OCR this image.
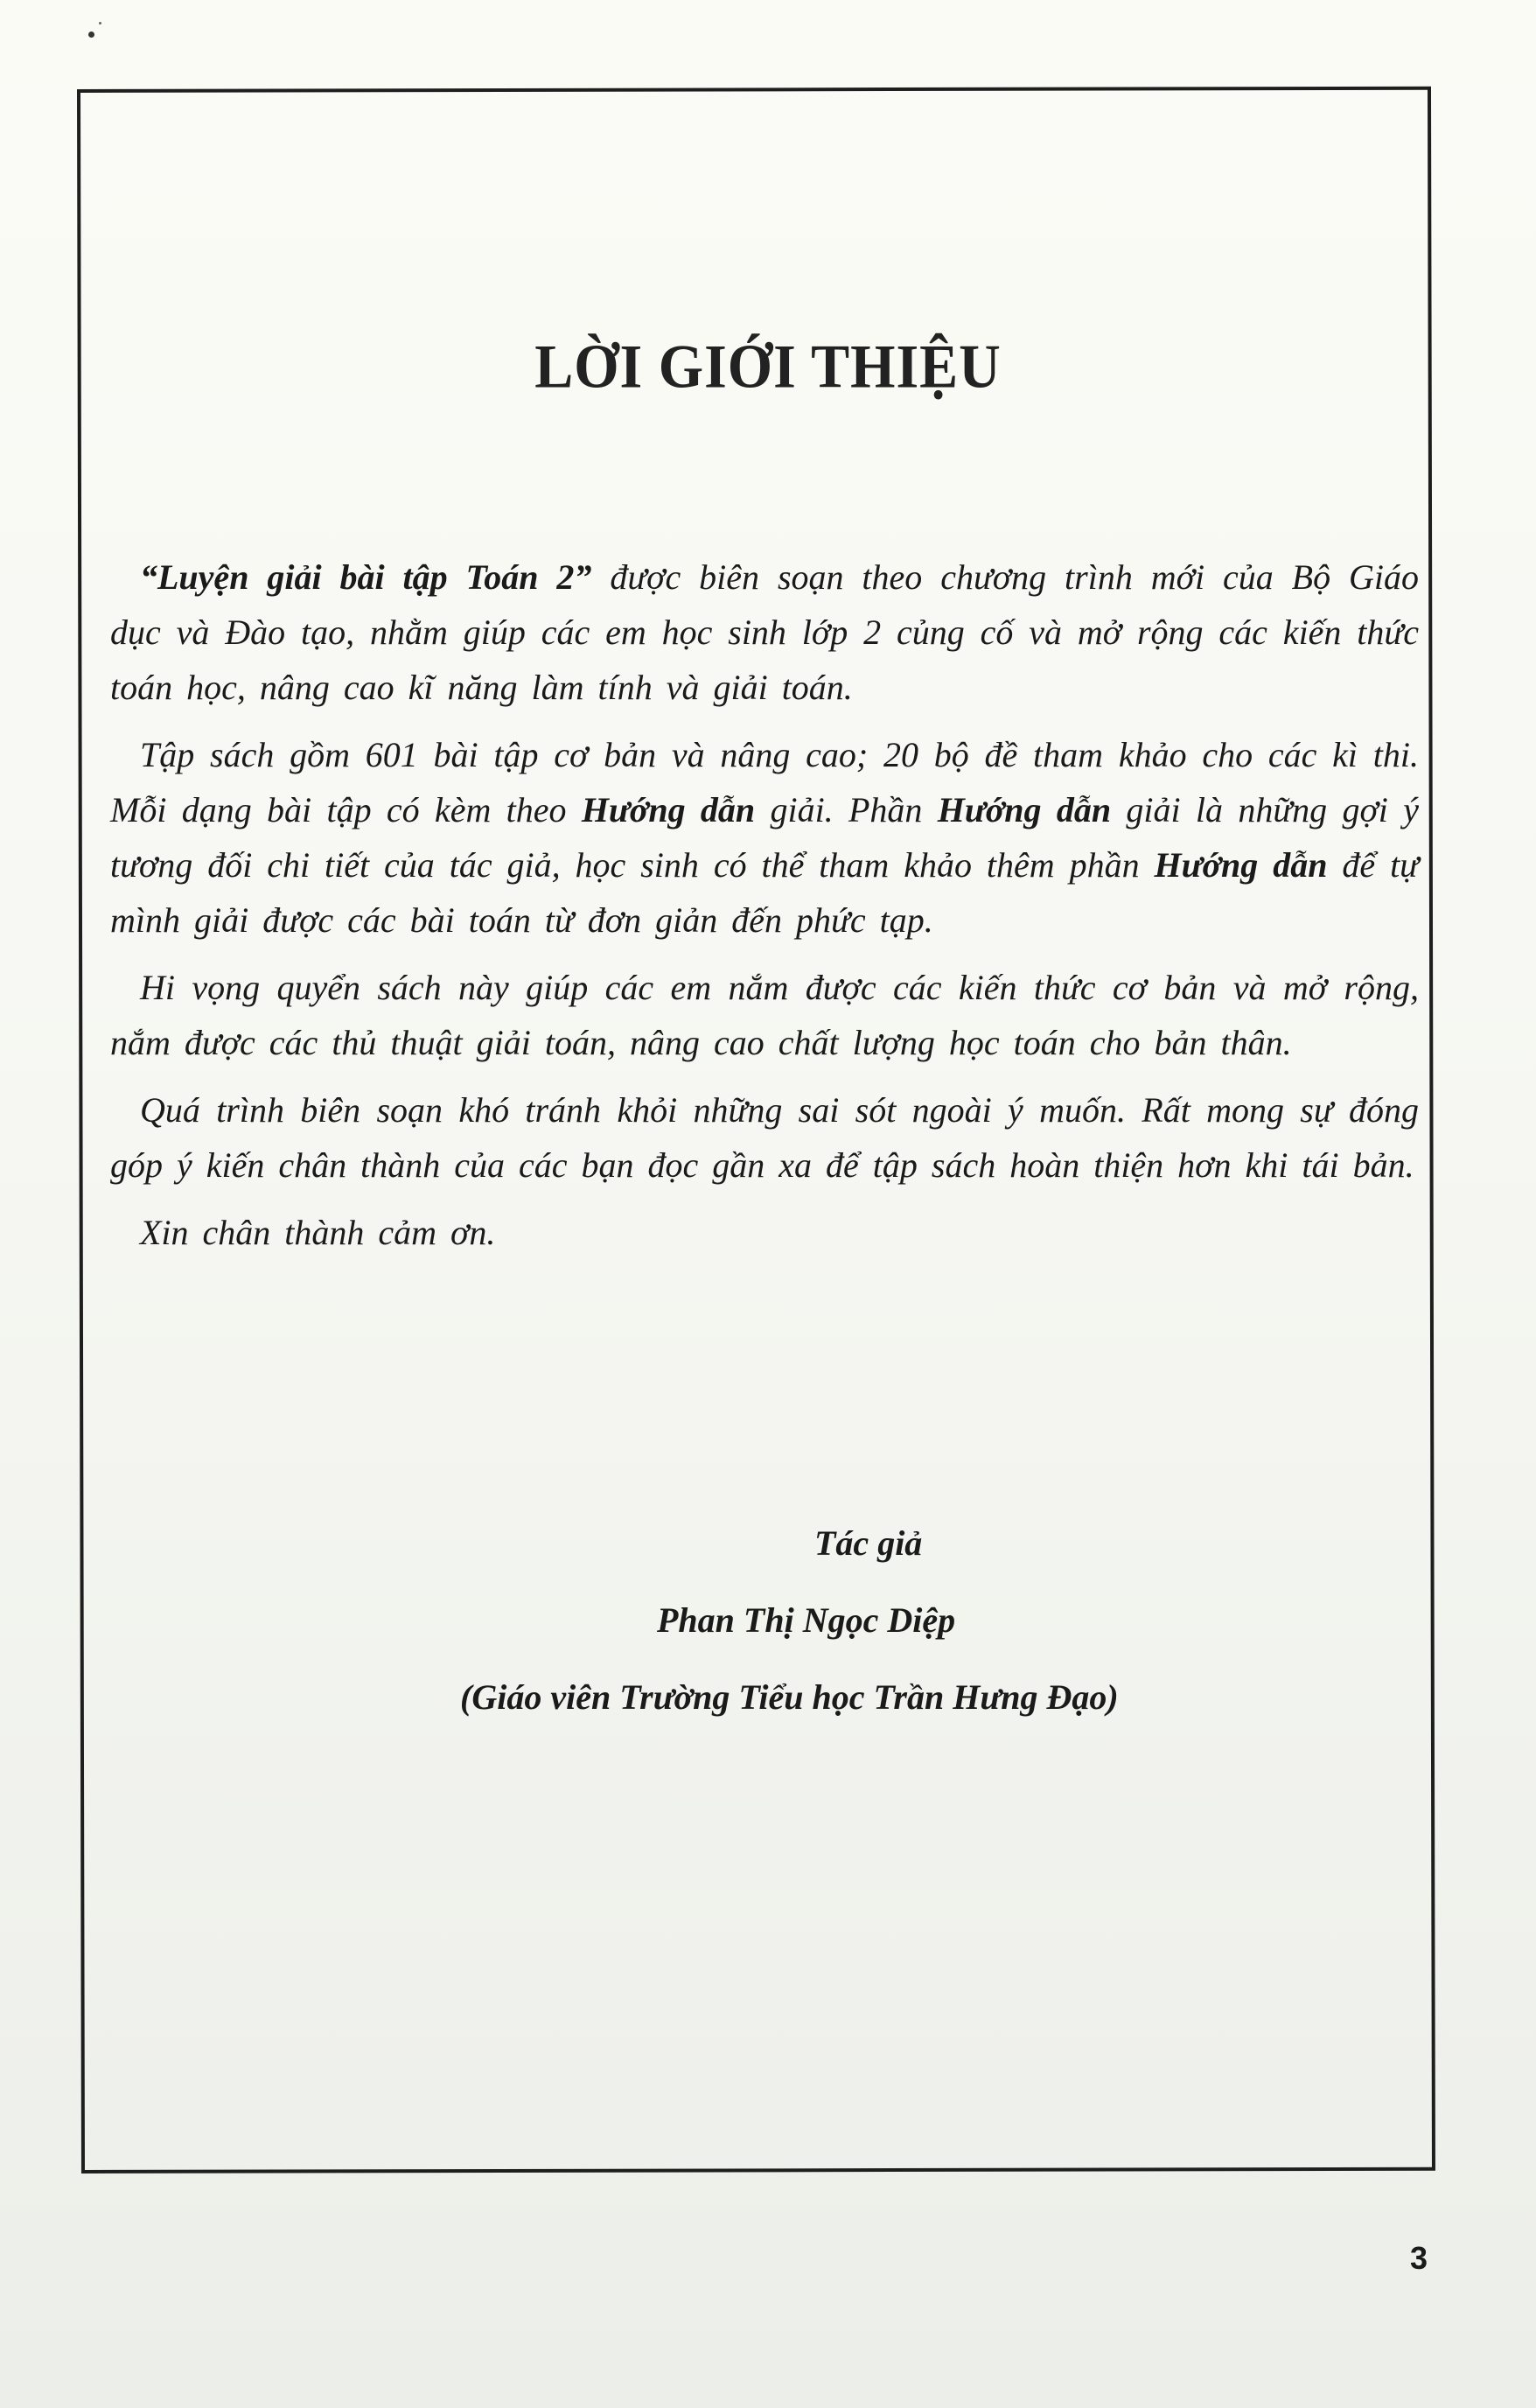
LỜI GIỚI THIỆU

“Luyện giải bài tập Toán 2” được biên soạn theo chương trình mới của Bộ Giáo dục và Đào tạo, nhằm giúp các em học sinh lớp 2 củng cố và mở rộng các kiến thức toán học, nâng cao kĩ năng làm tính và giải toán.

Tập sách gồm 601 bài tập cơ bản và nâng cao; 20 bộ đề tham khảo cho các kì thi. Mỗi dạng bài tập có kèm theo Hướng dẫn giải. Phần Hướng dẫn giải là những gợi ý tương đối chi tiết của tác giả, học sinh có thể tham khảo thêm phần Hướng dẫn để tự mình giải được các bài toán từ đơn giản đến phức tạp.

Hi vọng quyển sách này giúp các em nắm được các kiến thức cơ bản và mở rộng, nắm được các thủ thuật giải toán, nâng cao chất lượng học toán cho bản thân.

Quá trình biên soạn khó tránh khỏi những sai sót ngoài ý muốn. Rất mong sự đóng góp ý kiến chân thành của các bạn đọc gần xa để tập sách hoàn thiện hơn khi tái bản.

Xin chân thành cảm ơn.

Tác giả
Phan Thị Ngọc Diệp
(Giáo viên Trường Tiểu học Trần Hưng Đạo)
3
